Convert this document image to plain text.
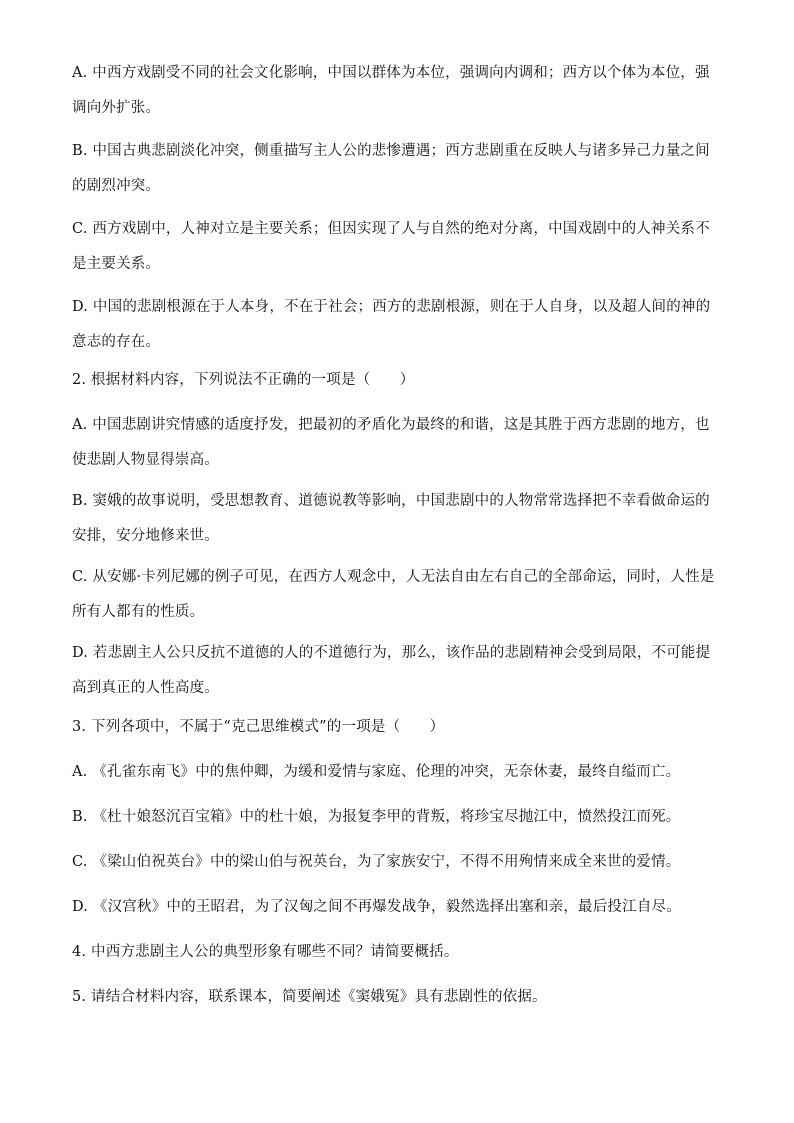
A. 中西方戏剧受不同的社会文化影响，中国以群体为本位，强调向内调和；西方以个体为本位，强调向外扩张。
B. 中国古典悲剧淡化冲突，侧重描写主人公的悲惨遭遇；西方悲剧重在反映人与诸多异己力量之间的剧烈冲突。
C. 西方戏剧中，人神对立是主要关系；但因实现了人与自然的绝对分离，中国戏剧中的人神关系不是主要关系。
D. 中国的悲剧根源在于人本身，不在于社会；西方的悲剧根源，则在于人自身，以及超人间的神的意志的存在。
2. 根据材料内容，下列说法不正确的一项是（　　）
A. 中国悲剧讲究情感的适度抒发，把最初的矛盾化为最终的和谐，这是其胜于西方悲剧的地方，也使悲剧人物显得崇高。
B. 窦娥的故事说明，受思想教育、道德说教等影响，中国悲剧中的人物常常选择把不幸看做命运的安排，安分地修来世。
C. 从安娜·卡列尼娜的例子可见，在西方人观念中，人无法自由左右自己的全部命运，同时，人性是所有人都有的性质。
D. 若悲剧主人公只反抗不道德的人的不道德行为，那么，该作品的悲剧精神会受到局限，不可能提高到真正的人性高度。
3. 下列各项中，不属于“克己思维模式”的一项是（　　）
A. 《孔雀东南飞》中的焦仲卿，为缓和爱情与家庭、伦理的冲突，无奈休妻，最终自缢而亡。
B. 《杜十娘怒沉百宝箱》中的杜十娘，为报复李甲的背叛，将珍宝尽抛江中，愤然投江而死。
C. 《梁山伯祝英台》中的梁山伯与祝英台，为了家族安宁，不得不用殉情来成全来世的爱情。
D. 《汉宫秋》中的王昭君，为了汉匈之间不再爆发战争，毅然选择出塞和亲，最后投江自尽。
4. 中西方悲剧主人公的典型形象有哪些不同？请简要概括。
5. 请结合材料内容，联系课本，简要阐述《窦娥冤》具有悲剧性的依据。
